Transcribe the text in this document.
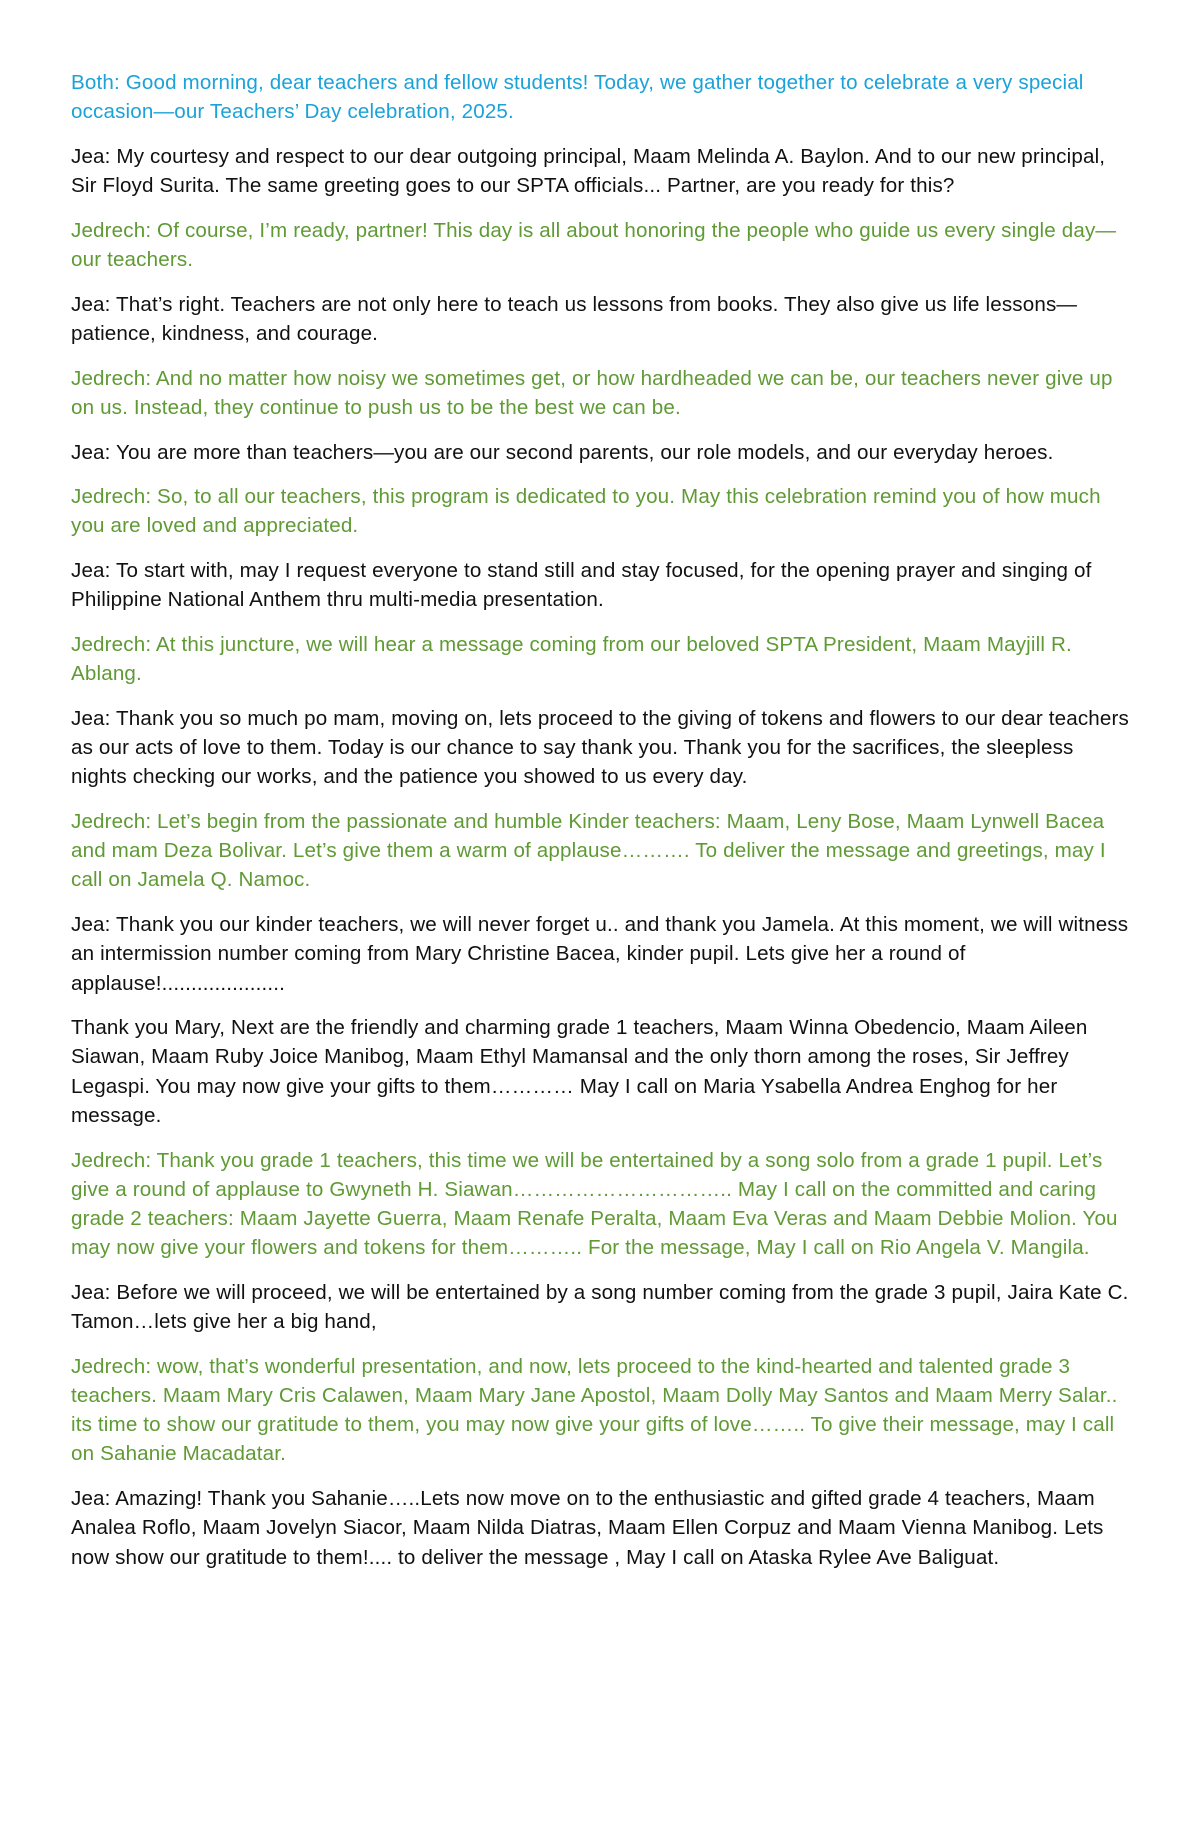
Both: Good morning, dear teachers and fellow students! Today, we gather together to celebrate a very special occasion—our Teachers’ Day celebration, 2025.

Jea: My courtesy and respect to our dear outgoing principal, Maam Melinda A. Baylon. And to our new principal, Sir Floyd Surita. The same greeting goes to our SPTA officials... Partner, are you ready for this?

Jedrech: Of course, I’m ready, partner! This day is all about honoring the people who guide us every single day—our teachers.

Jea: That’s right. Teachers are not only here to teach us lessons from books. They also give us life lessons—patience, kindness, and courage.

Jedrech: And no matter how noisy we sometimes get, or how hardheaded we can be, our teachers never give up on us. Instead, they continue to push us to be the best we can be.

Jea: You are more than teachers—you are our second parents, our role models, and our everyday heroes.

Jedrech: So, to all our teachers, this program is dedicated to you. May this celebration remind you of how much you are loved and appreciated.

Jea: To start with, may I request everyone to stand still and stay focused, for the opening prayer and singing of Philippine National Anthem thru multi-media presentation.

Jedrech: At this juncture, we will hear a message coming from our beloved SPTA President, Maam Mayjill R. Ablang.

Jea: Thank you so much po mam, moving on, lets proceed to the giving of tokens and flowers to our dear teachers as our acts of love to them. Today is our chance to say thank you. Thank you for the sacrifices, the sleepless nights checking our works, and the patience you showed to us every day.

Jedrech: Let’s begin from the passionate and humble Kinder teachers: Maam, Leny Bose, Maam Lynwell Bacea and mam Deza Bolivar. Let’s give them a warm of applause………. To deliver the message and greetings, may I call on Jamela Q. Namoc.

Jea: Thank you our kinder teachers, we will never forget u.. and thank you Jamela. At this moment, we will witness an intermission number coming from Mary Christine Bacea, kinder pupil. Lets give her a round of applause!.....................

Thank you Mary, Next are the friendly and charming grade 1 teachers, Maam Winna Obedencio, Maam Aileen Siawan, Maam Ruby Joice Manibog, Maam Ethyl Mamansal and the only thorn among the roses, Sir Jeffrey Legaspi. You may now give your gifts to them………… May I call on Maria Ysabella Andrea Enghog for her message.

Jedrech: Thank you grade 1 teachers, this time we will be entertained by a song solo from a grade 1 pupil. Let’s give a round of applause to Gwyneth H. Siawan………………………….. May I call on the committed and caring grade 2 teachers: Maam Jayette Guerra, Maam Renafe Peralta, Maam Eva Veras and Maam Debbie Molion. You may now give your flowers and tokens for them……….. For the message, May I call on Rio Angela V. Mangila.

Jea: Before we will proceed, we will be entertained by a song number coming from the grade 3 pupil, Jaira Kate C. Tamon…lets give her a big hand,

Jedrech: wow, that’s wonderful presentation, and now, lets proceed to the kind-hearted and talented grade 3 teachers. Maam Mary Cris Calawen, Maam Mary Jane Apostol, Maam Dolly May Santos and Maam Merry Salar.. its time to show our gratitude to them, you may now give your gifts of love…….. To give their message, may I call on Sahanie Macadatar.

Jea: Amazing! Thank you Sahanie…..Lets now move on to the enthusiastic and gifted grade 4 teachers, Maam Analea Roflo, Maam Jovelyn Siacor, Maam Nilda Diatras, Maam Ellen Corpuz and Maam Vienna Manibog. Lets now show our gratitude to them!.... to deliver the message , May I call on Ataska Rylee Ave Baliguat.
